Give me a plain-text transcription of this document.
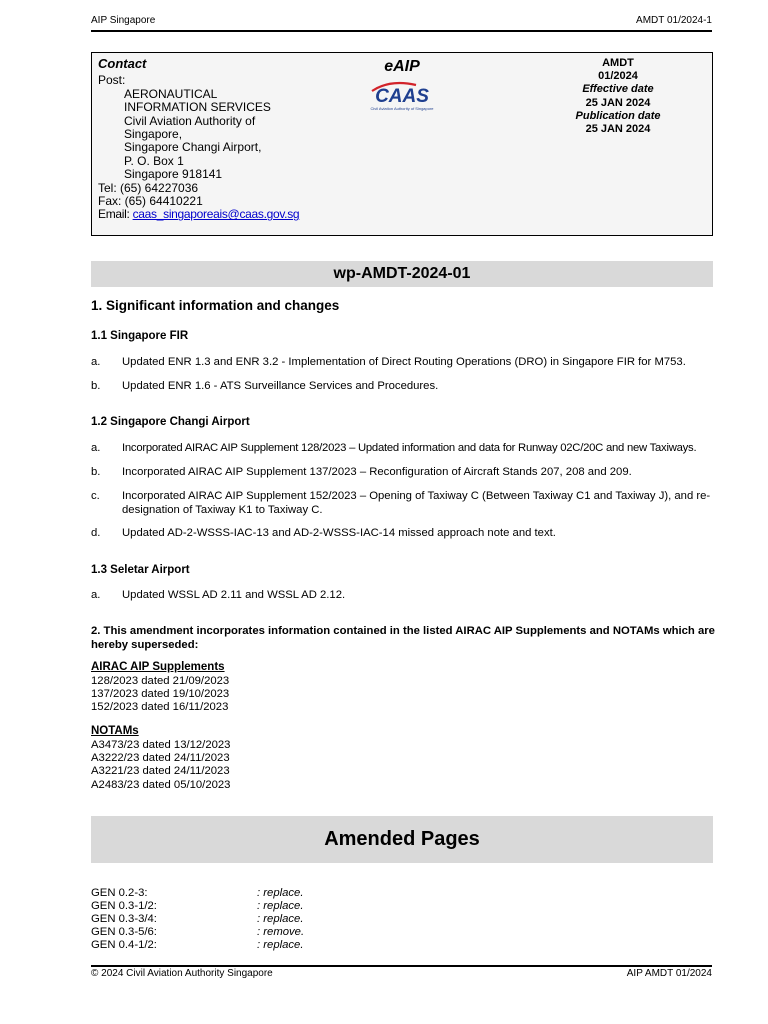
AIP Singapore	AMDT 01/2024-1
Contact
Post:
AERONAUTICAL
INFORMATION SERVICES
Civil Aviation Authority of
Singapore,
Singapore Changi Airport,
P. O. Box 1
Singapore 918141
Tel: (65) 64227036
Fax: (65) 64410221
Email: caas_singaporeais@caas.gov.sg
eAIP
CAAS
Civil Aviation Authority of Singapore
AMDT
01/2024
Effective date
25 JAN 2024
Publication date
25 JAN 2024
wp-AMDT-2024-01
1. Significant information and changes
1.1 Singapore FIR
a.	Updated ENR 1.3 and ENR 3.2 - Implementation of Direct Routing Operations (DRO) in Singapore FIR for M753.
b.	Updated ENR 1.6 - ATS Surveillance Services and Procedures.
1.2 Singapore Changi Airport
a.	Incorporated AIRAC AIP Supplement 128/2023 – Updated information and data for Runway 02C/20C and new Taxiways.
b.	Incorporated AIRAC AIP Supplement 137/2023 – Reconfiguration of Aircraft Stands 207, 208 and 209.
c.	Incorporated AIRAC AIP Supplement 152/2023 – Opening of Taxiway C (Between Taxiway C1 and Taxiway J), and re-designation of Taxiway K1 to Taxiway C.
d.	Updated AD-2-WSSS-IAC-13 and AD-2-WSSS-IAC-14 missed approach note and text.
1.3 Seletar Airport
a.	Updated WSSL AD 2.11 and WSSL AD 2.12.
2. This amendment incorporates information contained in the listed AIRAC AIP Supplements and NOTAMs which are hereby superseded:
AIRAC AIP Supplements
128/2023 dated 21/09/2023
137/2023 dated 19/10/2023
152/2023 dated 16/11/2023
NOTAMs
A3473/23 dated 13/12/2023
A3222/23 dated 24/11/2023
A3221/23 dated 24/11/2023
A2483/23 dated 05/10/2023
Amended Pages
GEN 0.2-3:	: replace.
GEN 0.3-1/2:	: replace.
GEN 0.3-3/4:	: replace.
GEN 0.3-5/6:	: remove.
GEN 0.4-1/2:	: replace.
© 2024 Civil Aviation Authority Singapore	AIP AMDT 01/2024
